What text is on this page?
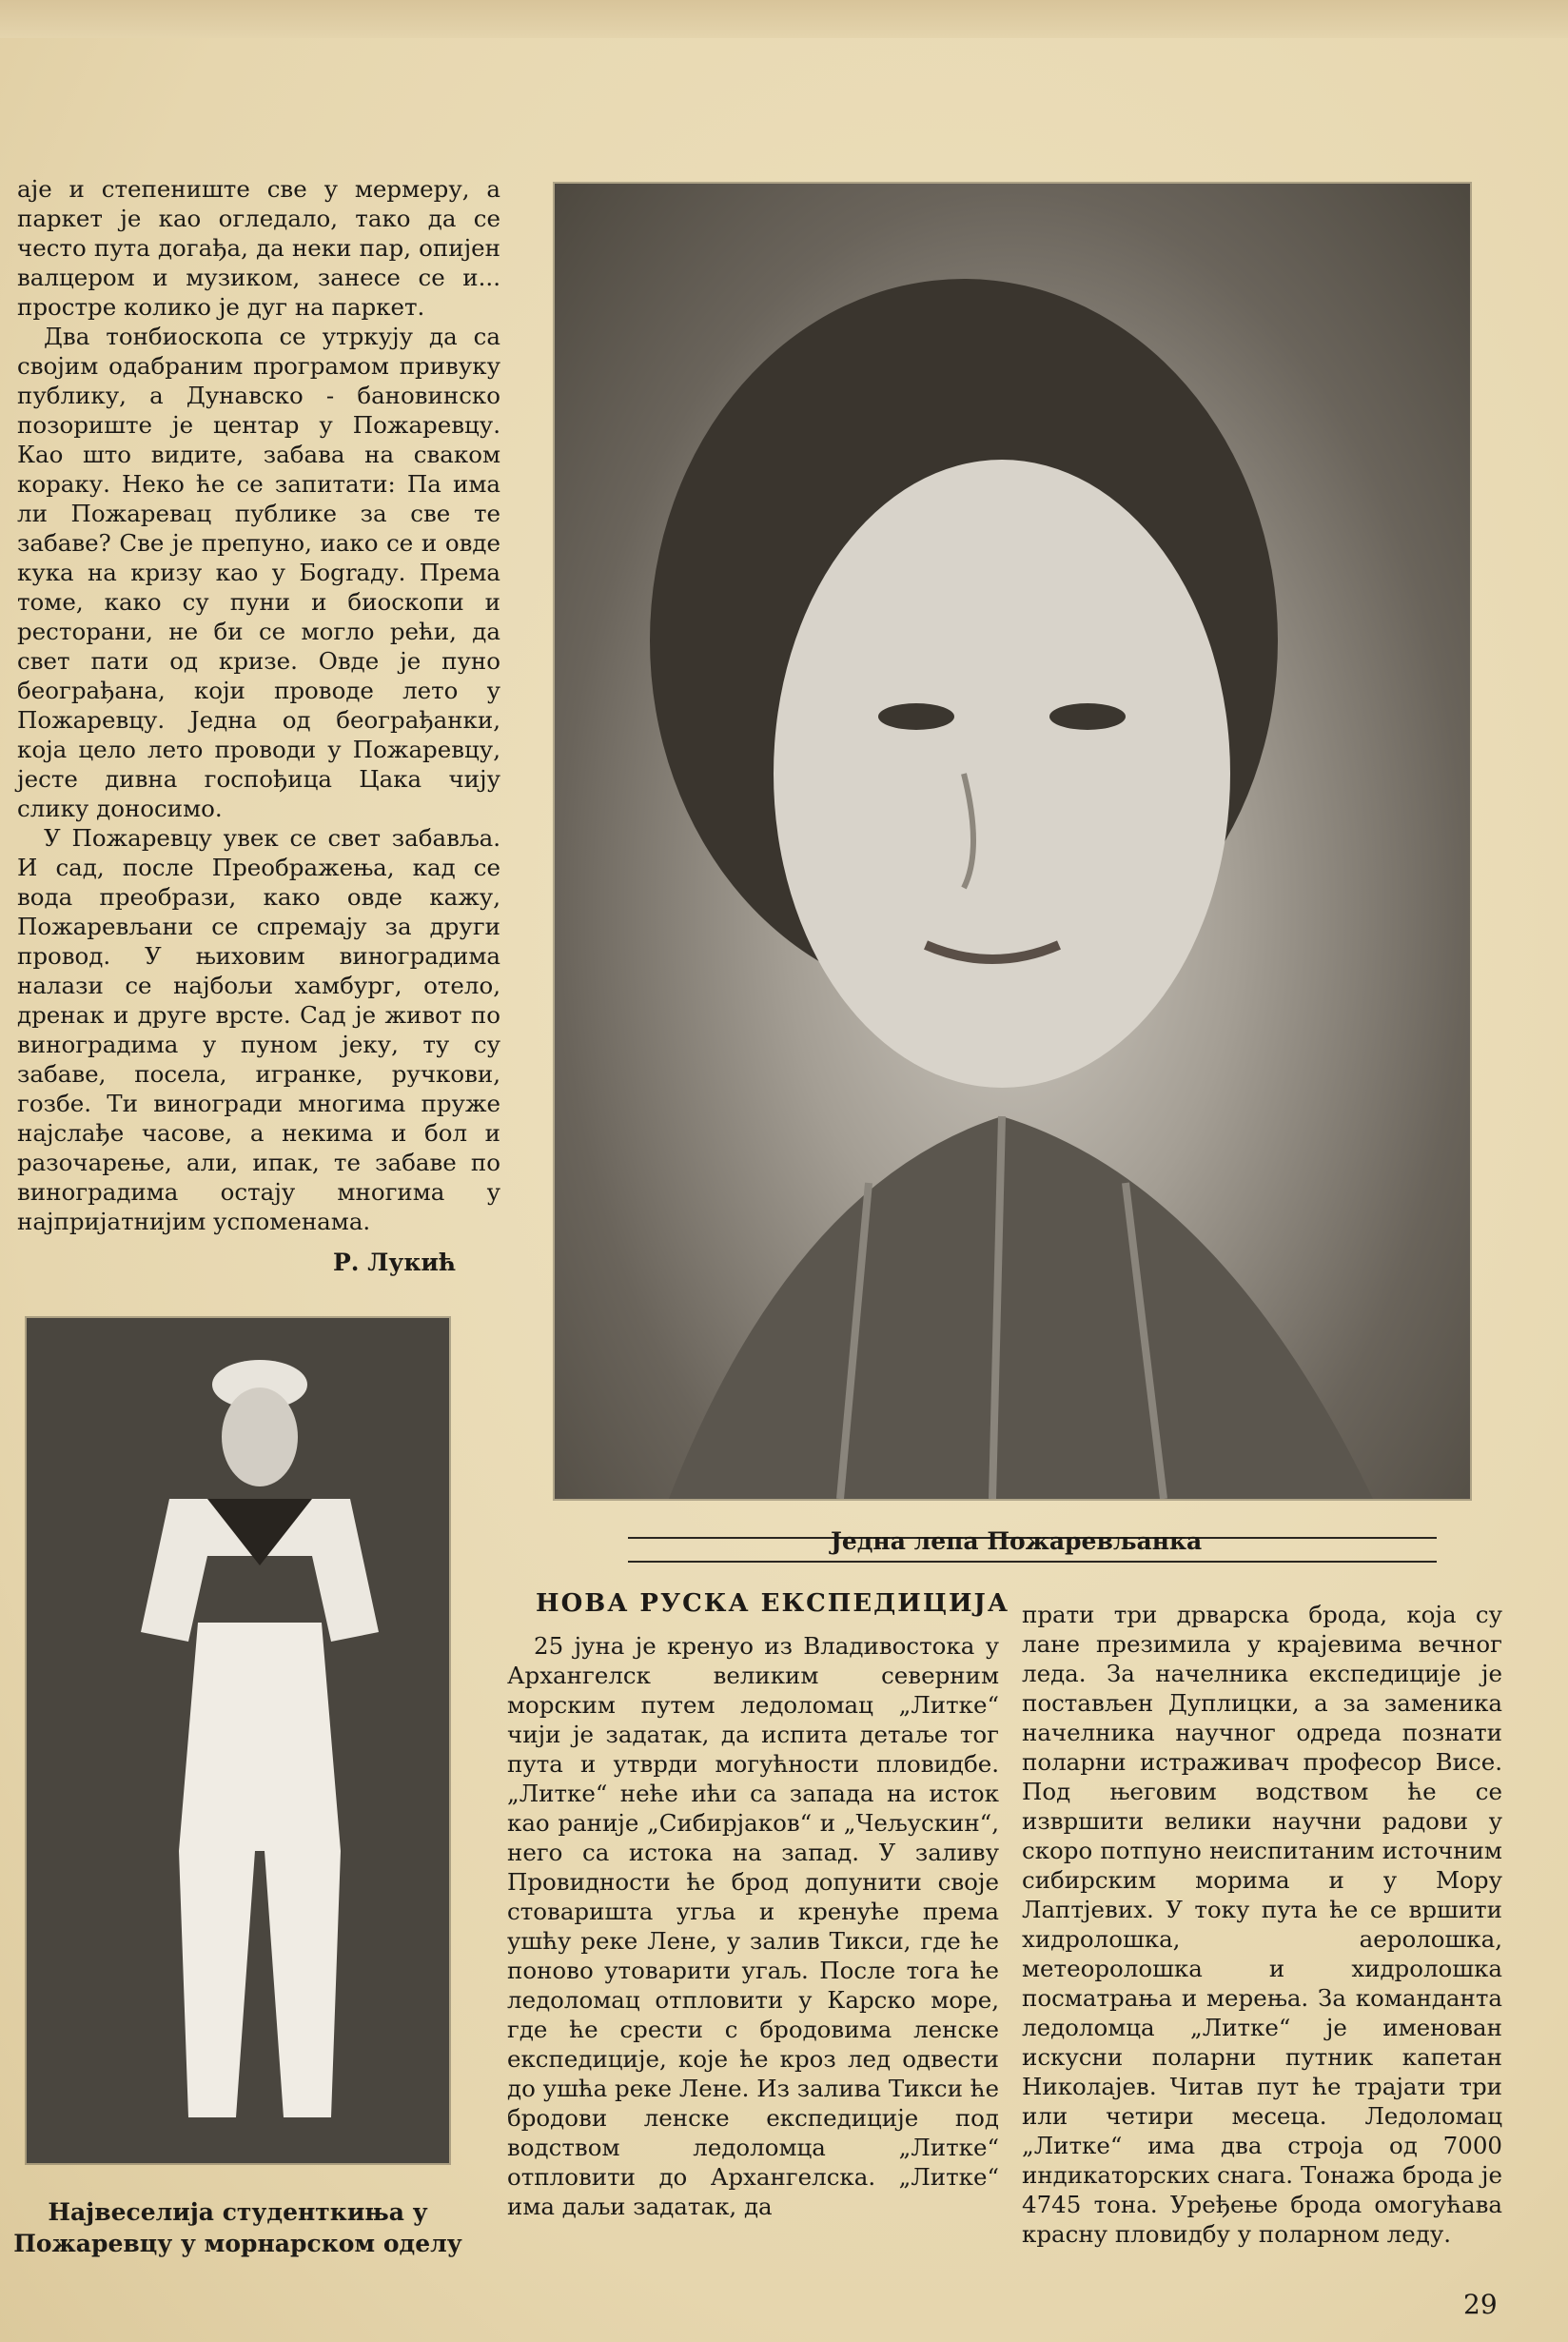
аје и степениште све у мермеру, а паркет је као огледало, тако да се често пута догађа, да неки пар, опијен валцером и музиком, занесе се и... простре колико је дуг на паркет.

Два тонбиоскопа се утркују да са својим одабраним програмом привуку публику, а Дунавско - бановинско позориште је центар у Пожаревцу. Као што видите, забава на сваком кораку. Неко ће се запитати: Па има ли Пожаревац публике за све те забаве? Све је препуно, иако се и овде кука на кризу као у Бograду. Према томе, како су пуни и биоскопи и ресторани, не би се могло рећи, да свет пати од кризе. Овде је пуно београђана, који проводе лето у Пожаревцу. Једна од београђанки, која цело лето проводи у Пожаревцу, јесте дивна госпођица Цака чију слику доносимо.

У Пожаревцу увек се свет забавља. И сад, после Преображења, кад се вода преобрази, како овде кажу, Пожаревљани се спремају за други провод. У њиховим виноградима налази се најбољи хамбург, отело, дренак и друге врсте. Сад је живот по виноградима у пуном јеку, ту су забаве, посела, игранке, ручкови, гозбе. Ти виногради многима пружe најслађе часове, а некима и бол и разочарење, али, ипак, те забаве по виноградима остају многима у најпријатнијим успоменама.

Р. Лукић
Једна лепа Пожаревљанка
Највеселија студенткиња у Пожаревцу у морнарском оделу
НОВА РУСКА ЕКСПЕДИЦИЈА

25 јуна је кренуо из Владивостока у Архангелск великим северним морским путем ледоломац „Литке“ чији је задатак, да испита детаље тог пута и утврди могућности пловидбе. „Литке“ неће ићи са запада на исток као раније „Сибирјаков“ и „Чељускин“, него са истока на запад. У заливу Провидности ће брод допунити своје стоваришта угља и кренуће према ушћу реке Лене, у залив Тикси, где ће поново утоварити угаљ. После тога ће ледоломац отпловити у Карско море, где ће срести с бродовима ленске експедиције, које ће кроз лед одвести до ушћа реке Лене. Из залива Тикси ће бродови ленске експедиције под водством ледоломца „Литке“ отпловити до Архангелска. „Литке“ има даљи задатак, да

прати три дрварска брода, која су лане презимила у крајевима вечног леда. За начелника експедиције је постављен Дуплицки, а за заменика начелника научног одреда познати поларни истраживач професор Висе. Под његовим водством ће се извршити велики научни радови у скоро потпуно неиспитаним источним сибирским морима и у Мору Лаптјевих. У току пута ће се вршити хидролошка, аеролошка, метеоролошка и хидролошка посматрања и мерења. За команданта ледоломца „Литке“ је именован искусни поларни путник капетан Николајев. Читав пут ће трајати три или четири месеца. Ледоломац „Литке“ има два строја од 7000 индикаторских снага. Тонажа брода је 4745 тона. Уређење брода омогућава красну пловидбу у поларном леду.

29
